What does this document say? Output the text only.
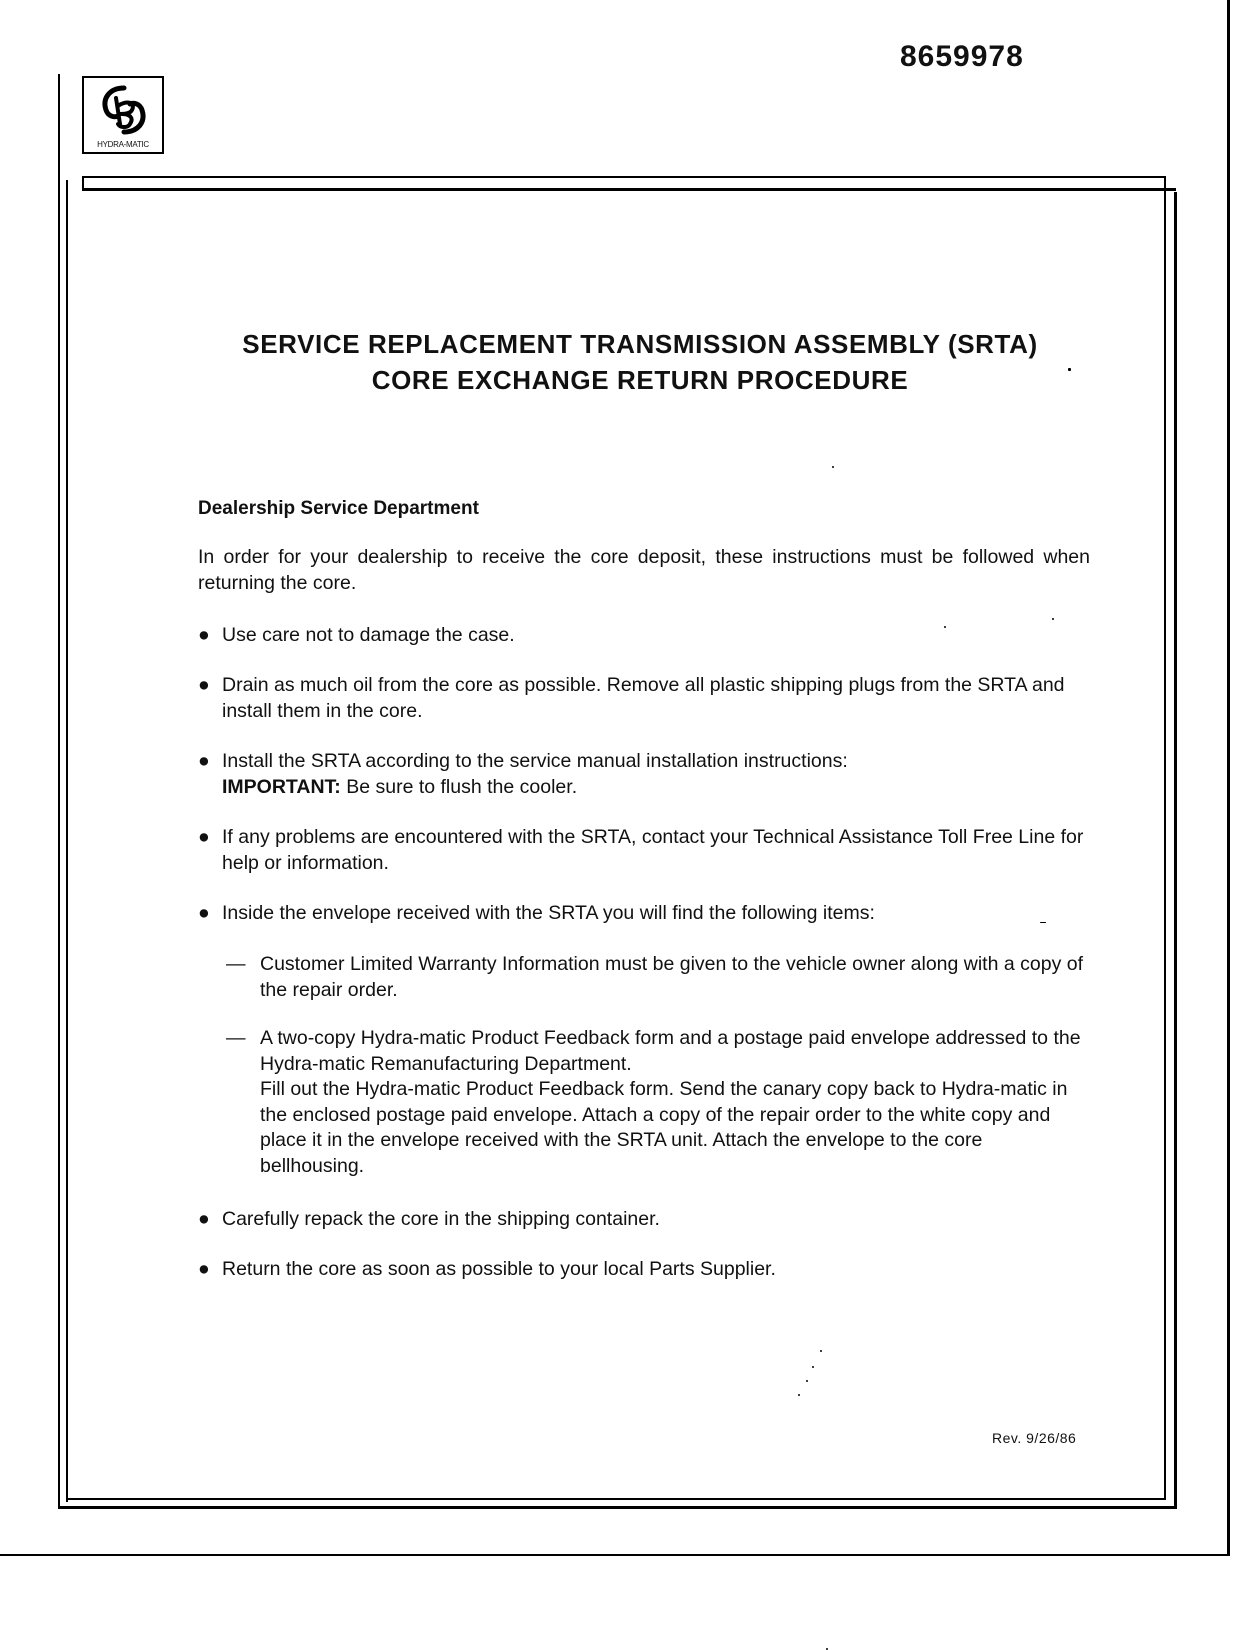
8659978
HYDRA-MATIC
SERVICE REPLACEMENT TRANSMISSION ASSEMBLY (SRTA)
CORE EXCHANGE RETURN PROCEDURE
Dealership Service Department
In order for your dealership to receive the core deposit, these instructions must be followed when returning the core.
● Use care not to damage the case.
● Drain as much oil from the core as possible. Remove all plastic shipping plugs from the SRTA and install them in the core.
● Install the SRTA according to the service manual installation instructions:
IMPORTANT: Be sure to flush the cooler.
● If any problems are encountered with the SRTA, contact your Technical Assistance Toll Free Line for help or information.
● Inside the envelope received with the SRTA you will find the following items:
— Customer Limited Warranty Information must be given to the vehicle owner along with a copy of the repair order.
— A two-copy Hydra-matic Product Feedback form and a postage paid envelope addressed to the Hydra-matic Remanufacturing Department.
Fill out the Hydra-matic Product Feedback form. Send the canary copy back to Hydra-matic in the enclosed postage paid envelope. Attach a copy of the repair order to the white copy and place it in the envelope received with the SRTA unit. Attach the envelope to the core bellhousing.
● Carefully repack the core in the shipping container.
● Return the core as soon as possible to your local Parts Supplier.
Rev. 9/26/86
